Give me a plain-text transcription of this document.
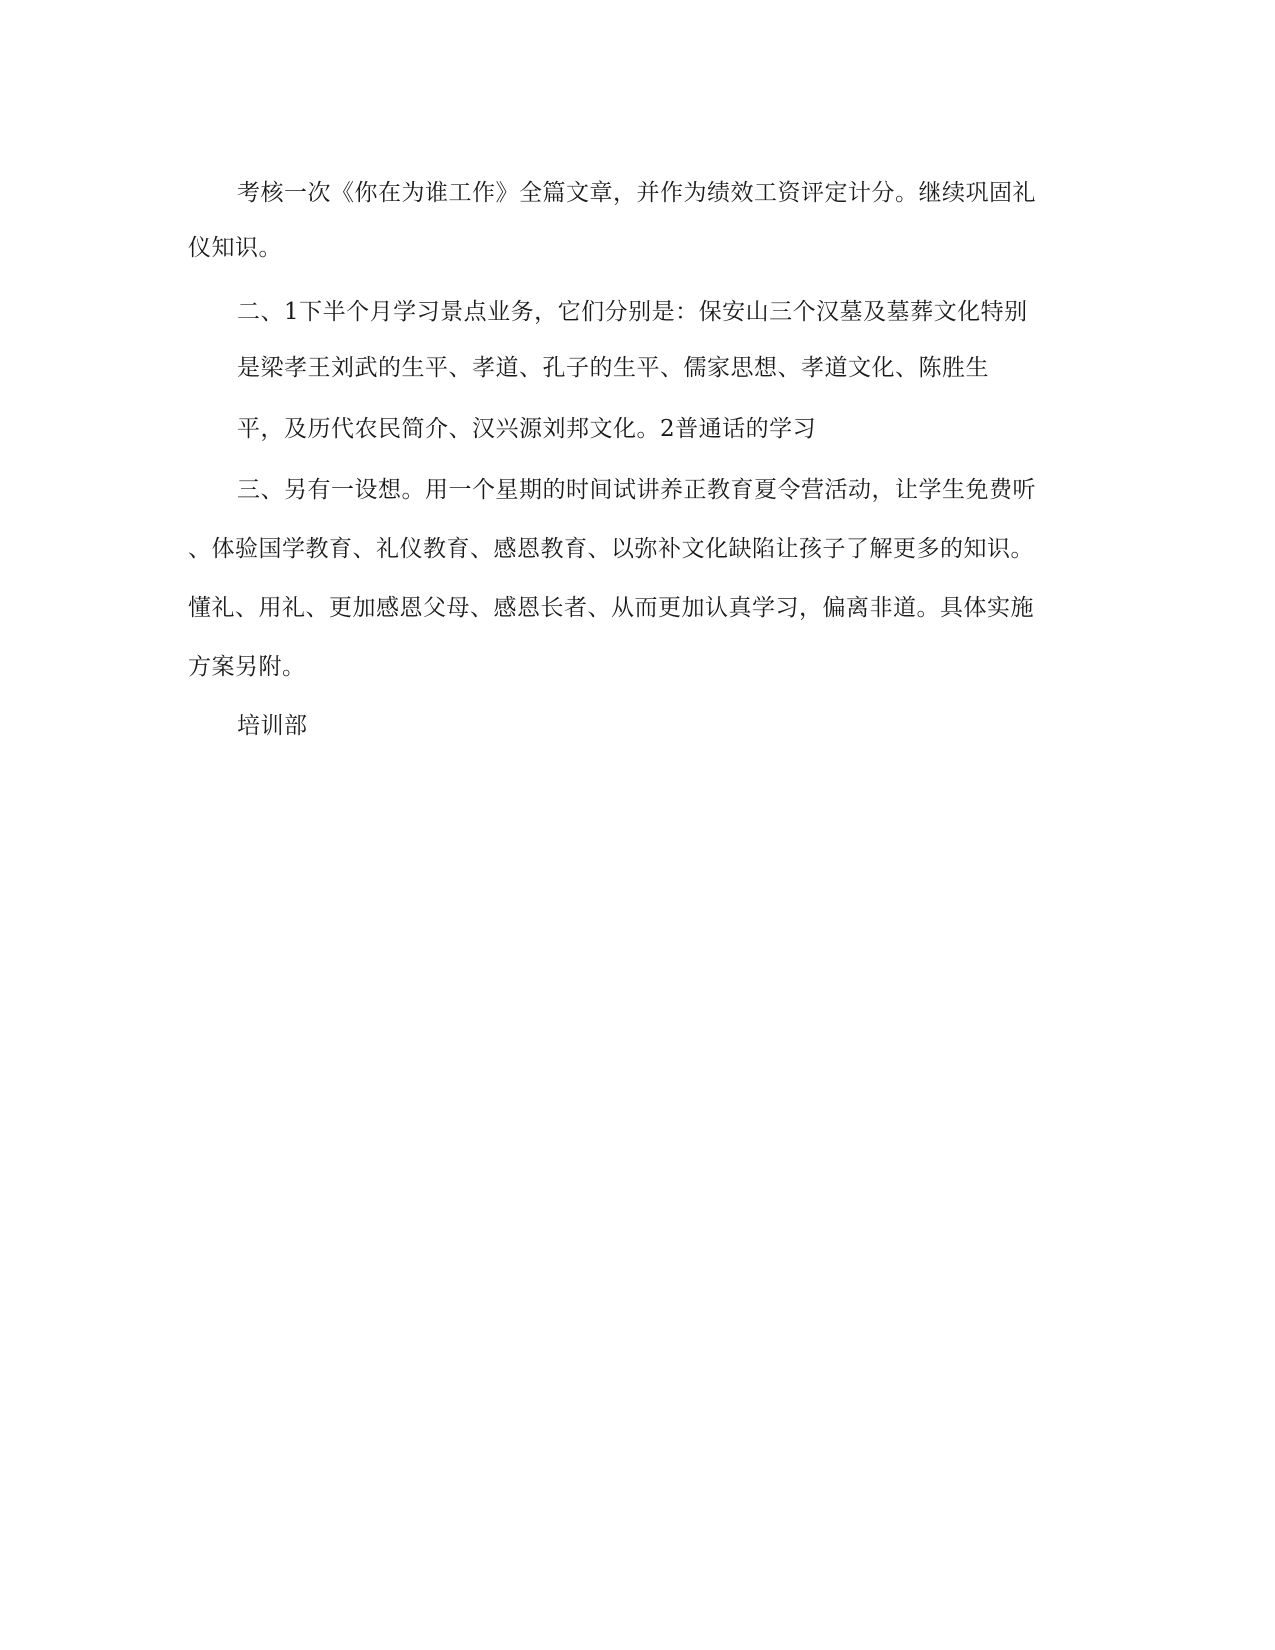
考核一次《你在为谁工作》全篇文章，并作为绩效工资评定计分。继续巩固礼
仪知识。
二、1下半个月学习景点业务，它们分别是：保安山三个汉墓及墓葬文化特别
是梁孝王刘武的生平、孝道、孔子的生平、儒家思想、孝道文化、陈胜生
平，及历代农民简介、汉兴源刘邦文化。2普通话的学习
三、另有一设想。用一个星期的时间试讲养正教育夏令营活动，让学生免费听
、体验国学教育、礼仪教育、感恩教育、以弥补文化缺陷让孩子了解更多的知识。
懂礼、用礼、更加感恩父母、感恩长者、从而更加认真学习，偏离非道。具体实施
方案另附。
培训部
